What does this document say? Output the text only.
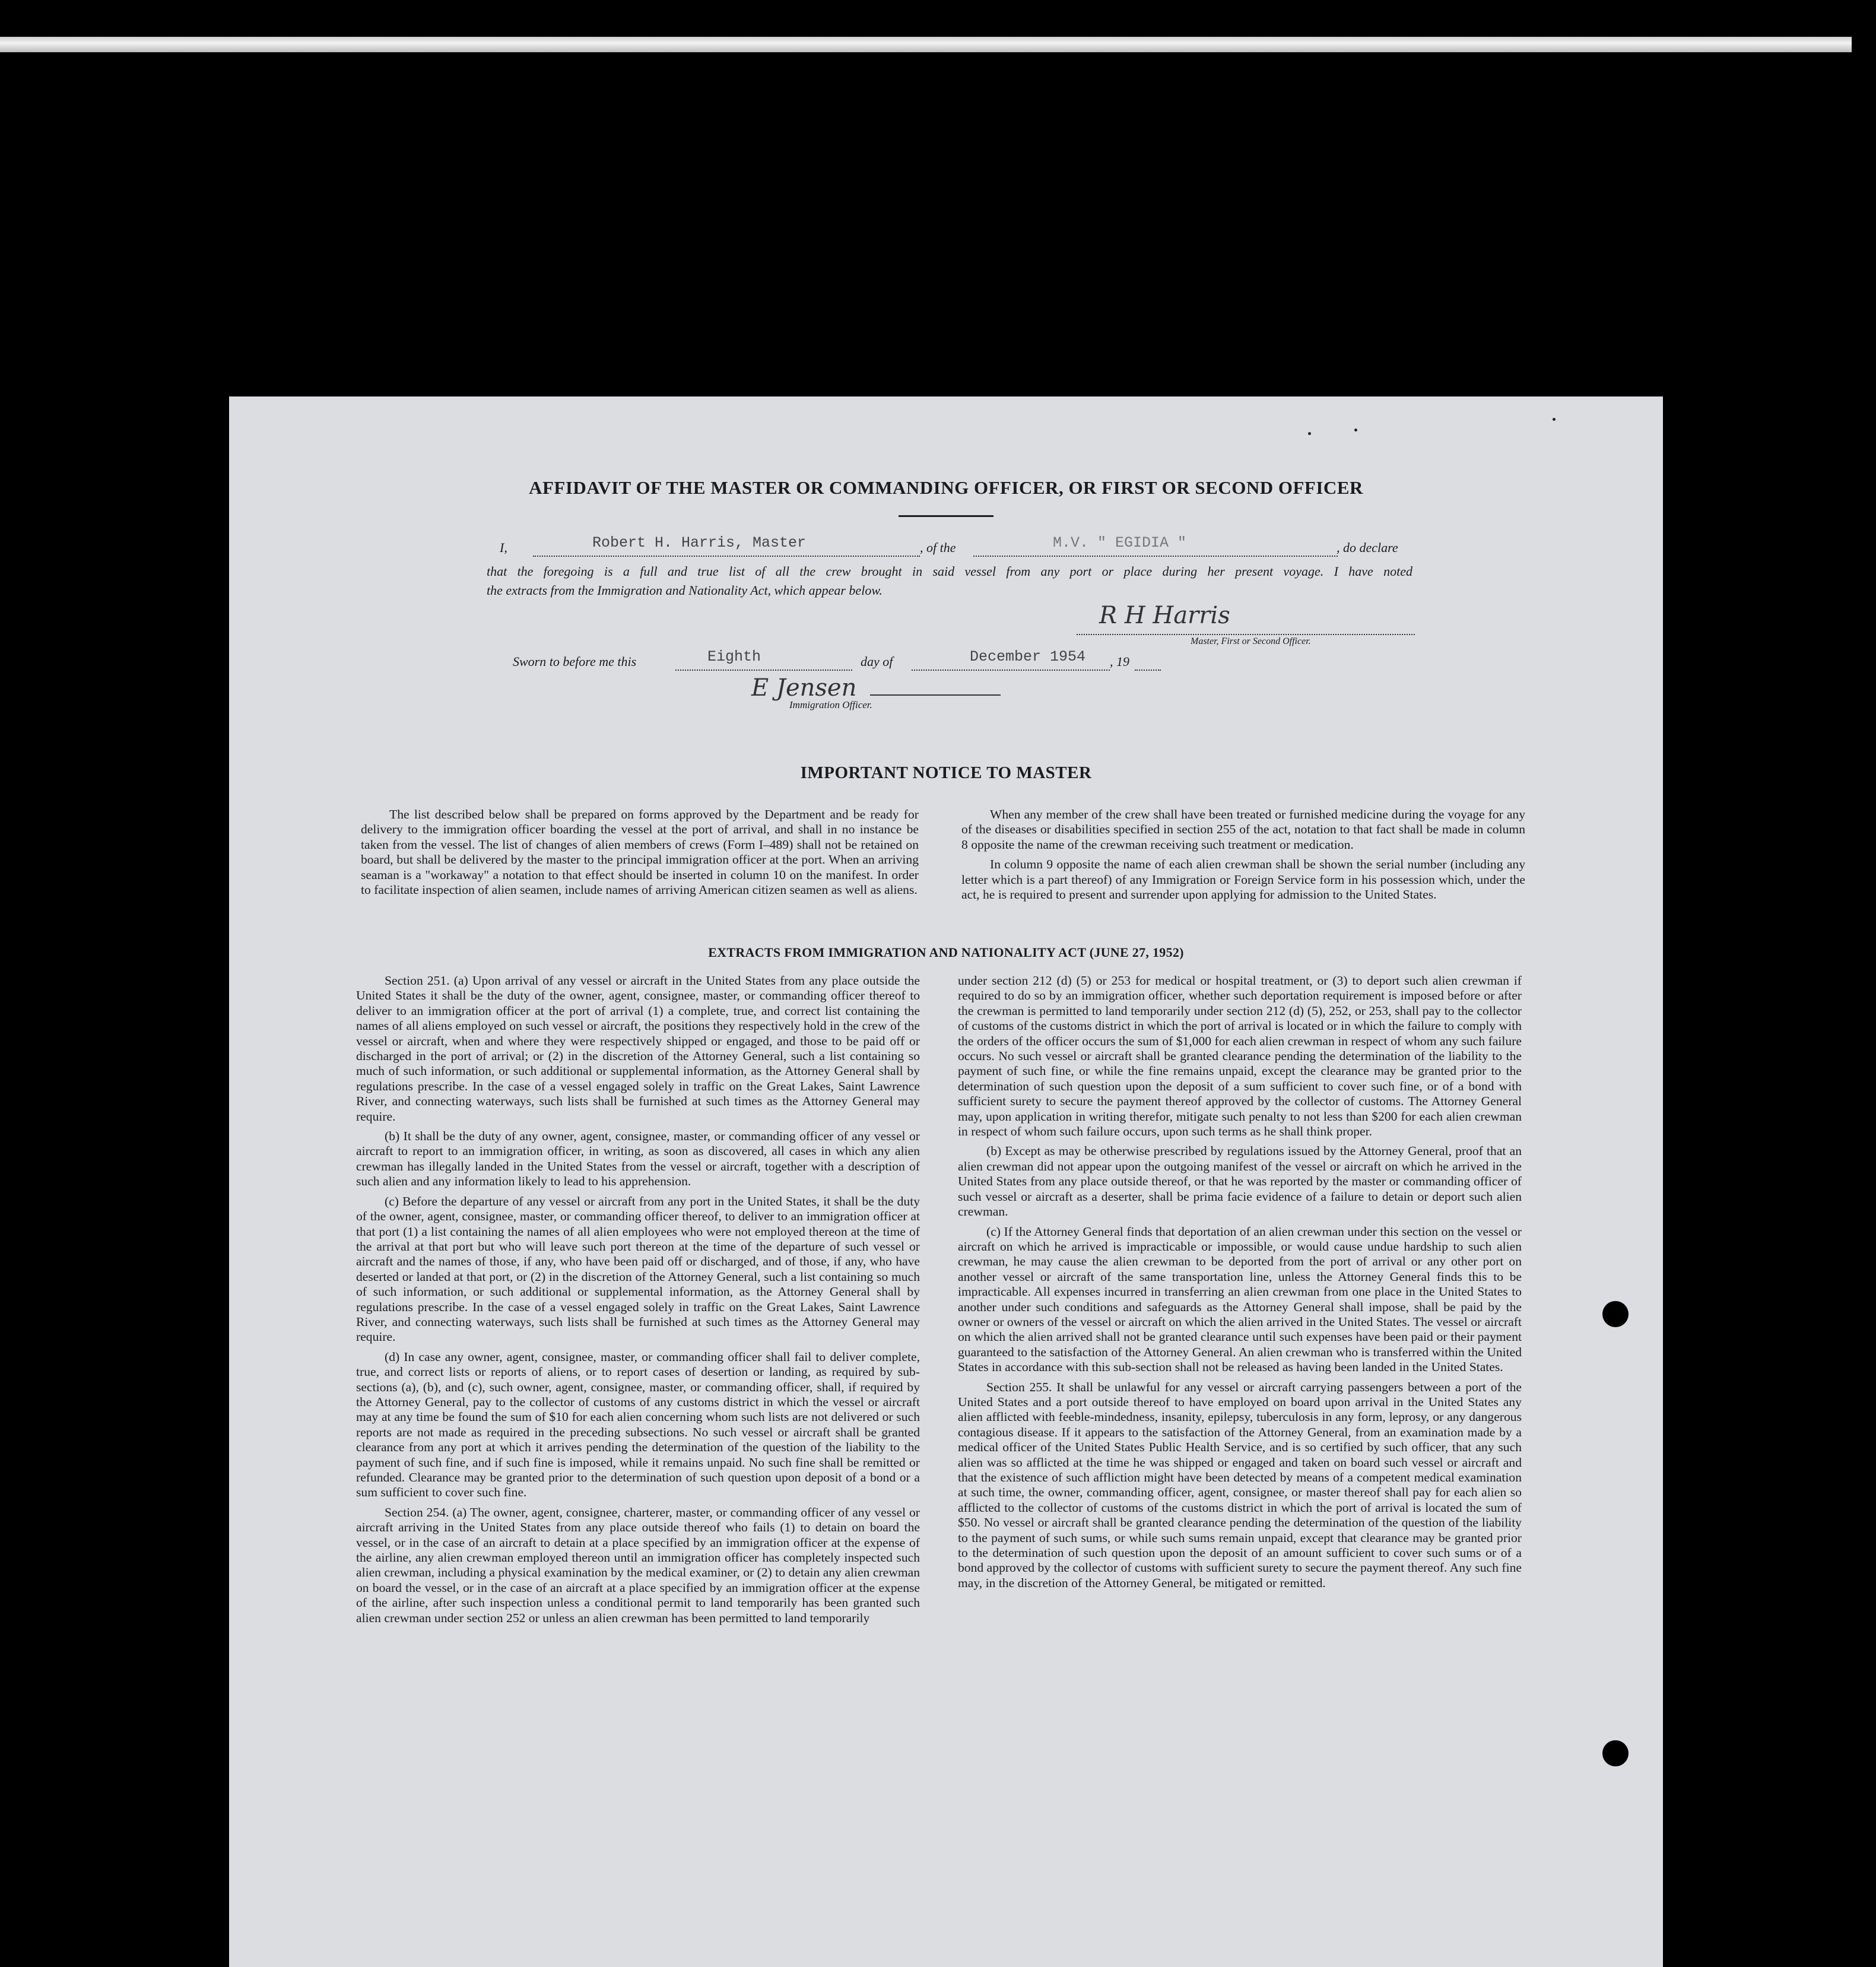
AFFIDAVIT OF THE MASTER OR COMMANDING OFFICER, OR FIRST OR SECOND OFFICER
I,	Robert H. Harris, Master	, of the	M.V. " EGIDIA "	, do declare
that the foregoing is a full and true list of all the crew brought in said vessel from any port or place during her present voyage. I have noted
the extracts from the Immigration and Nationality Act, which appear below.
R H Harris
Master, First or Second Officer.
Sworn to before me this	Eighth	day of	December 1954 , 19
E Jensen
Immigration Officer.
IMPORTANT NOTICE TO MASTER

The list described below shall be prepared on forms approved by the Department and be ready for delivery to the immigration officer boarding the vessel at the port of arrival, and shall in no instance be taken from the vessel. The list of changes of alien members of crews (Form I–489) shall not be retained on board, but shall be delivered by the master to the principal immigration officer at the port. When an arriving seaman is a "workaway" a notation to that effect should be inserted in column 10 on the manifest. In order to facilitate inspection of alien seamen, include names of arriving American citizen seamen as well as aliens.

When any member of the crew shall have been treated or furnished medicine during the voyage for any of the diseases or disabilities specified in section 255 of the act, notation to that fact shall be made in column 8 opposite the name of the crewman receiving such treatment or medication.

In column 9 opposite the name of each alien crewman shall be shown the serial number (including any letter which is a part thereof) of any Immigration or Foreign Service form in his possession which, under the act, he is required to present and surrender upon applying for admission to the United States.

EXTRACTS FROM IMMIGRATION AND NATIONALITY ACT (JUNE 27, 1952)

Section 251. (a) Upon arrival of any vessel or aircraft in the United States from any place outside the United States it shall be the duty of the owner, agent, consignee, master, or commanding officer thereof to deliver to an immigration officer at the port of arrival (1) a complete, true, and correct list containing the names of all aliens employed on such vessel or aircraft, the positions they respectively hold in the crew of the vessel or aircraft, when and where they were respectively shipped or engaged, and those to be paid off or discharged in the port of arrival; or (2) in the discretion of the Attorney General, such a list containing so much of such information, or such additional or supplemental information, as the Attorney General shall by regulations prescribe. In the case of a vessel engaged solely in traffic on the Great Lakes, Saint Lawrence River, and connecting waterways, such lists shall be furnished at such times as the Attorney General may require.

(b) It shall be the duty of any owner, agent, consignee, master, or commanding officer of any vessel or aircraft to report to an immigration officer, in writing, as soon as discovered, all cases in which any alien crewman has illegally landed in the United States from the vessel or aircraft, together with a description of such alien and any information likely to lead to his apprehension.

(c) Before the departure of any vessel or aircraft from any port in the United States, it shall be the duty of the owner, agent, consignee, master, or commanding officer thereof, to deliver to an immigration officer at that port (1) a list containing the names of all alien employees who were not employed thereon at the time of the arrival at that port but who will leave such port thereon at the time of the departure of such vessel or aircraft and the names of those, if any, who have been paid off or discharged, and of those, if any, who have deserted or landed at that port, or (2) in the discretion of the Attorney General, such a list containing so much of such information, or such additional or supplemental information, as the Attorney General shall by regulations prescribe. In the case of a vessel engaged solely in traffic on the Great Lakes, Saint Lawrence River, and connecting waterways, such lists shall be furnished at such times as the Attorney General may require.

(d) In case any owner, agent, consignee, master, or commanding officer shall fail to deliver complete, true, and correct lists or reports of aliens, or to report cases of desertion or landing, as required by sub-sections (a), (b), and (c), such owner, agent, consignee, master, or commanding officer, shall, if required by the Attorney General, pay to the collector of customs of any customs district in which the vessel or aircraft may at any time be found the sum of $10 for each alien concerning whom such lists are not delivered or such reports are not made as required in the preceding subsections. No such vessel or aircraft shall be granted clearance from any port at which it arrives pending the determination of the question of the liability to the payment of such fine, and if such fine is imposed, while it remains unpaid. No such fine shall be remitted or refunded. Clearance may be granted prior to the determination of such question upon deposit of a bond or a sum sufficient to cover such fine.

Section 254. (a) The owner, agent, consignee, charterer, master, or commanding officer of any vessel or aircraft arriving in the United States from any place outside thereof who fails (1) to detain on board the vessel, or in the case of an aircraft to detain at a place specified by an immigration officer at the expense of the airline, any alien crewman employed thereon until an immigration officer has completely inspected such alien crewman, including a physical examination by the medical examiner, or (2) to detain any alien crewman on board the vessel, or in the case of an aircraft at a place specified by an immigration officer at the expense of the airline, after such inspection unless a conditional permit to land temporarily has been granted such alien crewman under section 252 or unless an alien crewman has been permitted to land temporarily

under section 212 (d) (5) or 253 for medical or hospital treatment, or (3) to deport such alien crewman if required to do so by an immigration officer, whether such deportation requirement is imposed before or after the crewman is permitted to land temporarily under section 212 (d) (5), 252, or 253, shall pay to the collector of customs of the customs district in which the port of arrival is located or in which the failure to comply with the orders of the officer occurs the sum of $1,000 for each alien crewman in respect of whom any such failure occurs. No such vessel or aircraft shall be granted clearance pending the determination of the liability to the payment of such fine, or while the fine remains unpaid, except the clearance may be granted prior to the determination of such question upon the deposit of a sum sufficient to cover such fine, or of a bond with sufficient surety to secure the payment thereof approved by the collector of customs. The Attorney General may, upon application in writing therefor, mitigate such penalty to not less than $200 for each alien crewman in respect of whom such failure occurs, upon such terms as he shall think proper.

(b) Except as may be otherwise prescribed by regulations issued by the Attorney General, proof that an alien crewman did not appear upon the outgoing manifest of the vessel or aircraft on which he arrived in the United States from any place outside thereof, or that he was reported by the master or commanding officer of such vessel or aircraft as a deserter, shall be prima facie evidence of a failure to detain or deport such alien crewman.

(c) If the Attorney General finds that deportation of an alien crewman under this section on the vessel or aircraft on which he arrived is impracticable or impossible, or would cause undue hardship to such alien crewman, he may cause the alien crewman to be deported from the port of arrival or any other port on another vessel or aircraft of the same transportation line, unless the Attorney General finds this to be impracticable. All expenses incurred in transferring an alien crewman from one place in the United States to another under such conditions and safeguards as the Attorney General shall impose, shall be paid by the owner or owners of the vessel or aircraft on which the alien arrived in the United States. The vessel or aircraft on which the alien arrived shall not be granted clearance until such expenses have been paid or their payment guaranteed to the satisfaction of the Attorney General. An alien crewman who is transferred within the United States in accordance with this sub-section shall not be released as having been landed in the United States.

Section 255. It shall be unlawful for any vessel or aircraft carrying passengers between a port of the United States and a port outside thereof to have employed on board upon arrival in the United States any alien afflicted with feeble-mindedness, insanity, epilepsy, tuberculosis in any form, leprosy, or any dangerous contagious disease. If it appears to the satisfaction of the Attorney General, from an examination made by a medical officer of the United States Public Health Service, and is so certified by such officer, that any such alien was so afflicted at the time he was shipped or engaged and taken on board such vessel or aircraft and that the existence of such affliction might have been detected by means of a competent medical examination at such time, the owner, commanding officer, agent, consignee, or master thereof shall pay for each alien so afflicted to the collector of customs of the customs district in which the port of arrival is located the sum of $50. No vessel or aircraft shall be granted clearance pending the determination of the question of the liability to the payment of such sums, or while such sums remain unpaid, except that clearance may be granted prior to the determination of such question upon the deposit of an amount sufficient to cover such sums or of a bond approved by the collector of customs with sufficient surety to secure the payment thereof. Any such fine may, in the discretion of the Attorney General, be mitigated or remitted.
